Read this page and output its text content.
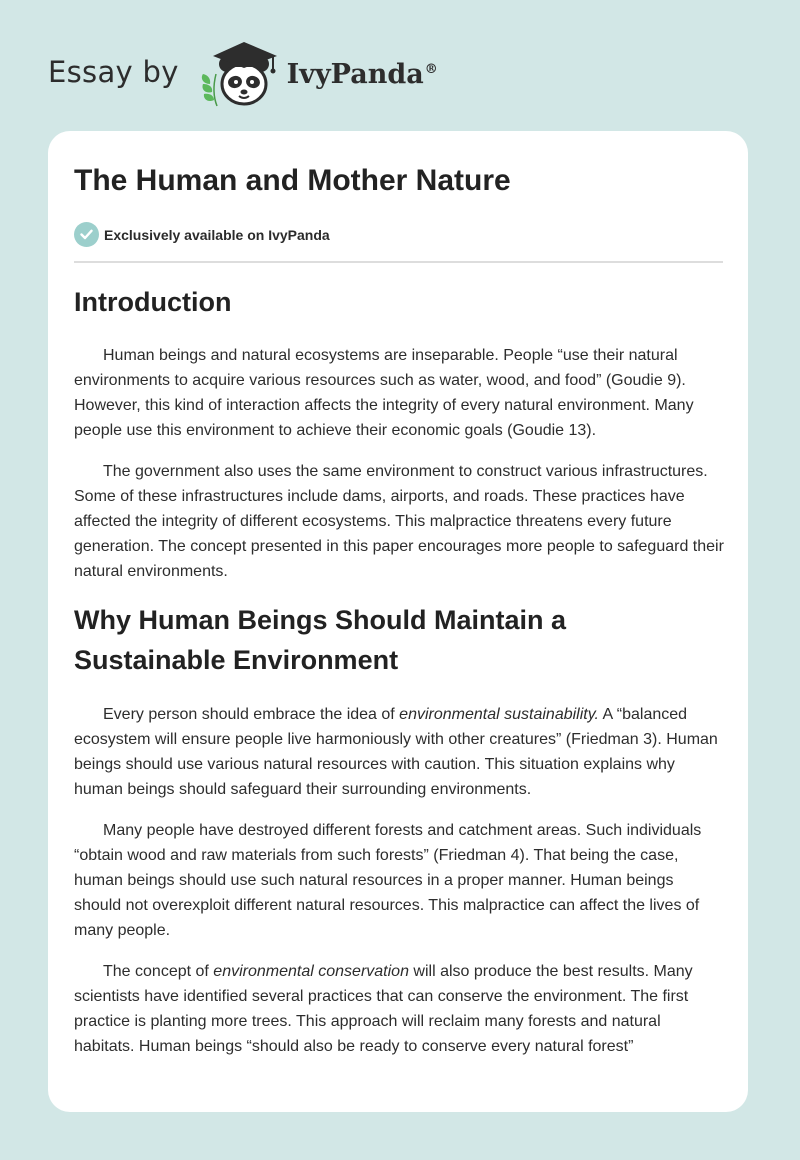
Essay by	IvyPanda®
The Human and Mother Nature
Exclusively available on IvyPanda
Introduction

Human beings and natural ecosystems are inseparable. People “use their natural environments to acquire various resources such as water, wood, and food” (Goudie 9). However, this kind of interaction affects the integrity of every natural environment. Many people use this environment to achieve their economic goals (Goudie 13).

The government also uses the same environment to construct various infrastructures. Some of these infrastructures include dams, airports, and roads. These practices have affected the integrity of different ecosystems. This malpractice threatens every future generation. The concept presented in this paper encourages more people to safeguard their natural environments.

Why Human Beings Should Maintain a Sustainable Environment

Every person should embrace the idea of environmental sustainability. A “balanced ecosystem will ensure people live harmoniously with other creatures” (Friedman 3). Human beings should use various natural resources with caution. This situation explains why human beings should safeguard their surrounding environments.

Many people have destroyed different forests and catchment areas. Such individuals “obtain wood and raw materials from such forests” (Friedman 4). That being the case, human beings should use such natural resources in a proper manner. Human beings should not overexploit different natural resources. This malpractice can affect the lives of many people.

The concept of environmental conservation will also produce the best results. Many scientists have identified several practices that can conserve the environment. The first practice is planting more trees. This approach will reclaim many forests and natural habitats. Human beings “should also be ready to conserve every natural forest”
